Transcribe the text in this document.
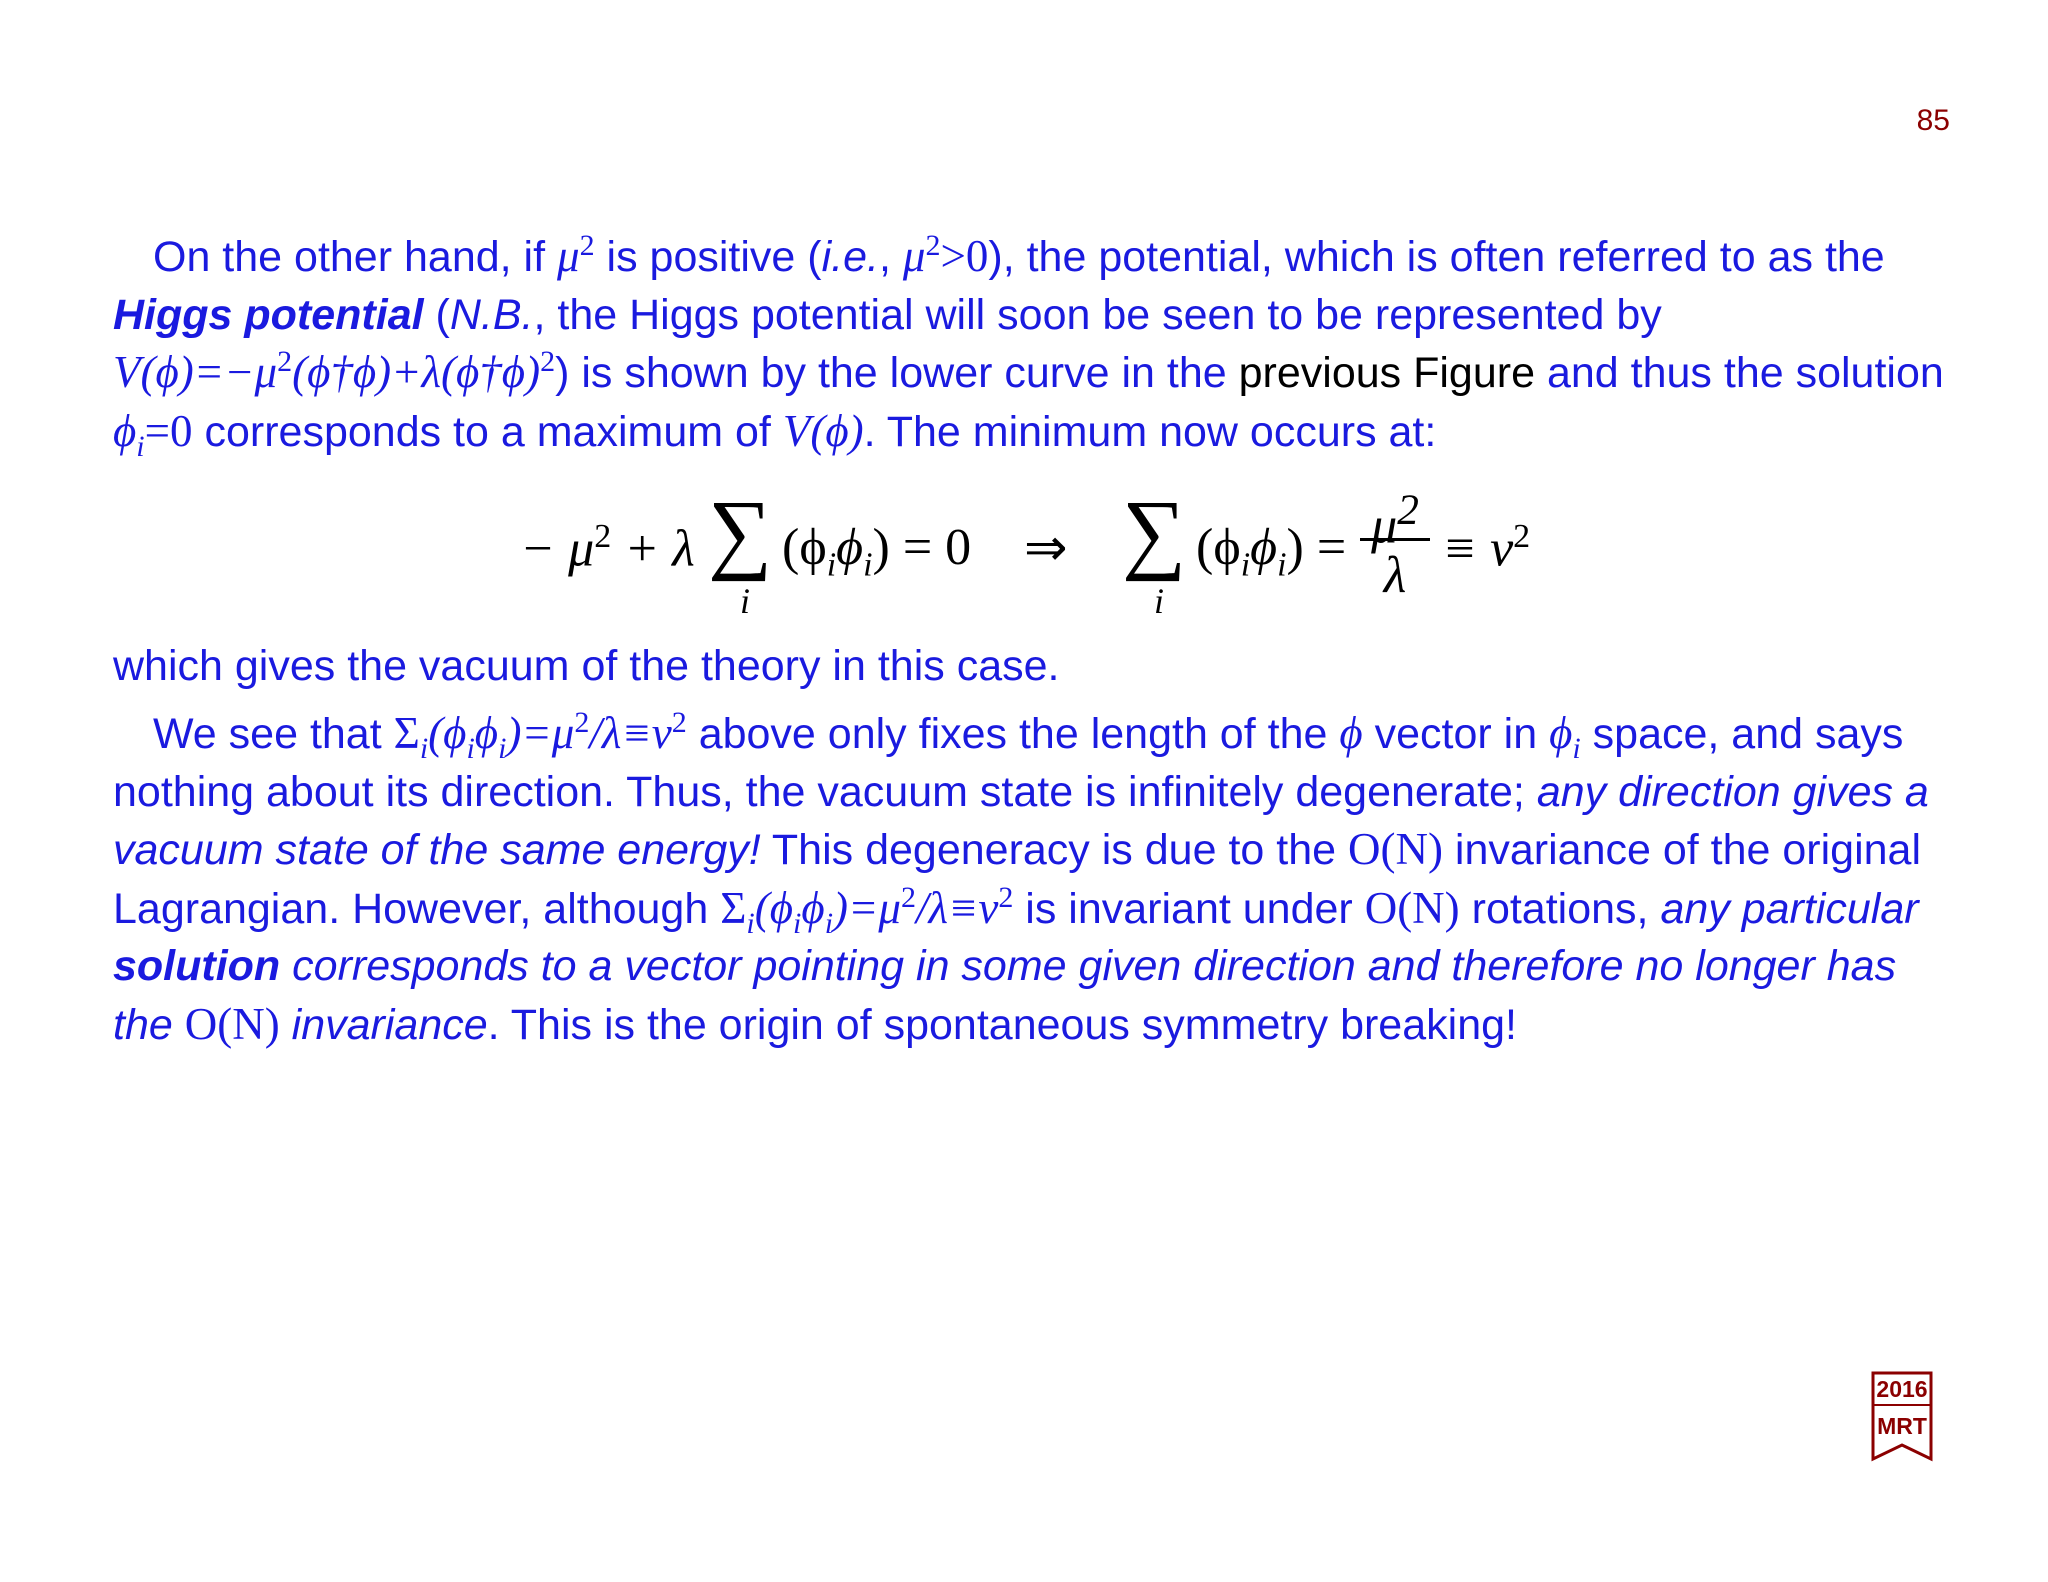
85
On the other hand, if $\mu^2$ is positive (i.e., $\mu^2>0$), the potential, which is often referred to as the Higgs potential (N.B., the Higgs potential will soon be seen to be represented by $V(\phi)=-\mu^2(\phi\dagger\phi)+\lambda(\phi\dagger\phi)^2$) is shown by the lower curve in the previous Figure and thus the solution $\phi_i=0$ corresponds to a maximum of V(ϕ). The minimum now occurs at:
− $\mu^2 + \lambda$ ∑
i
$(\phi_i\phi_i) = 0$ ⇒ ∑
i
$(\phi_i\phi_i) = \mu^2$
$\lambda \equiv v^2$
which gives the vacuum of the theory in this case.
We see that $\Sigma_i(\phi_i\phi_i)=\mu^2/\lambda\equiv v^2$ above only fixes the length of the ϕ vector in $\phi_i$ space, and says nothing about its direction. Thus, the vacuum state is infinitely degenerate; any direction gives a vacuum state of the same energy! This degeneracy is due to the O(N) invariance of the original Lagrangian. However, although $\Sigma_i(\phi_i\phi_i)=\mu^2/\lambda\equiv v^2$ is invariant under O(N) rotations, any particular solution corresponds to a vector pointing in some given direction and therefore no longer has the O(N) invariance. This is the origin of spontaneous symmetry breaking!
2016
MRT
